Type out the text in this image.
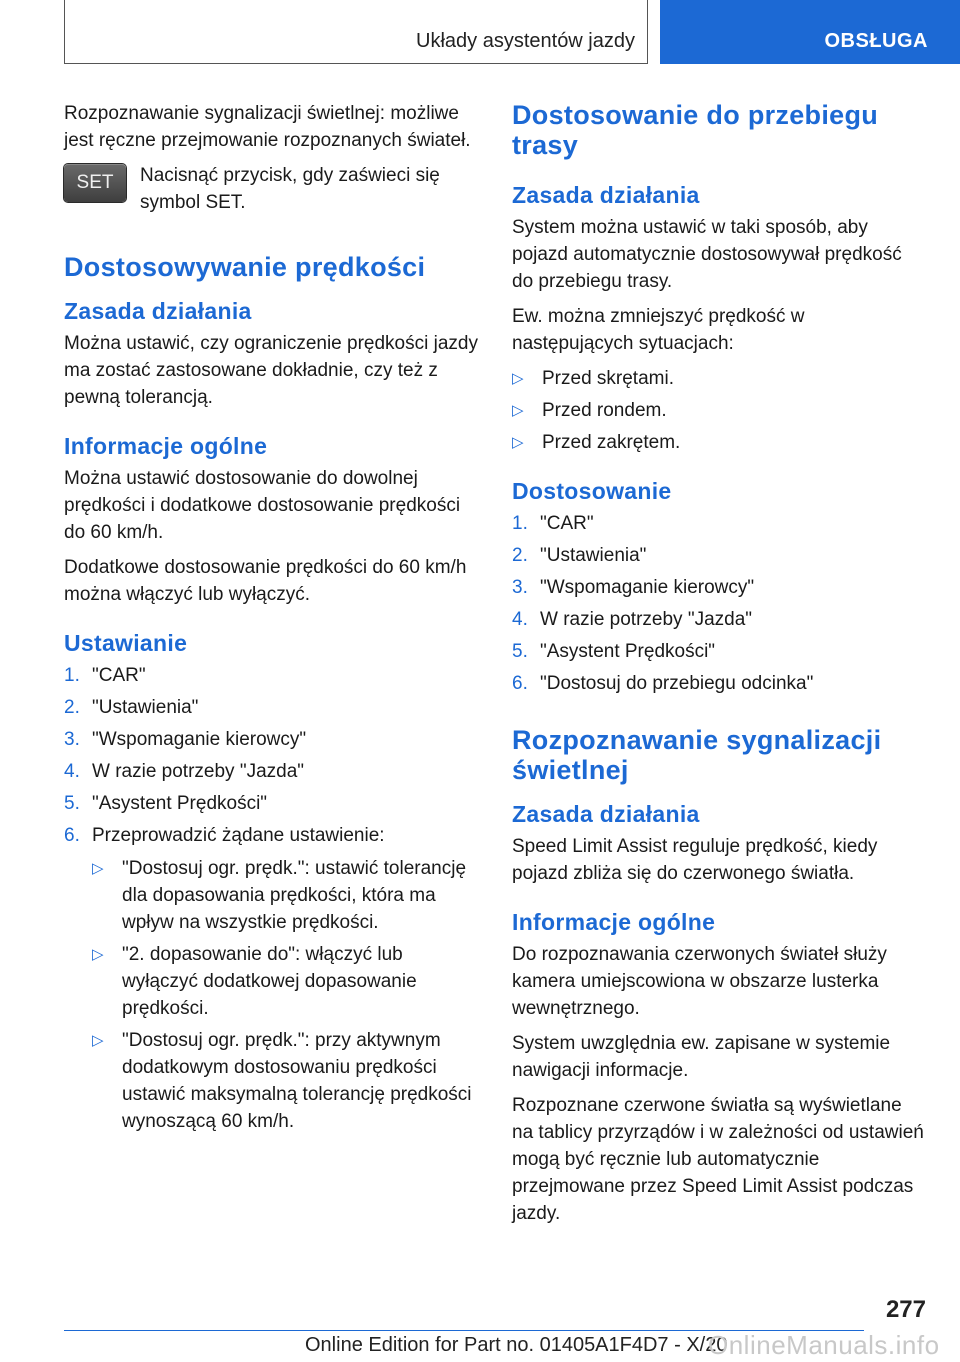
Układy asystentów jazdy	OBSŁUGA

Rozpoznawanie sygnalizacji świetlnej: możliwe jest ręczne przejmowanie rozpoznanych świateł.

SET	Nacisnąć przycisk, gdy zaświeci się symbol SET.

Dostosowywanie prędkości
Zasada działania

Można ustawić, czy ograniczenie prędkości jazdy ma zostać zastosowane dokładnie, czy też z pewną tolerancją.

Informacje ogólne

Można ustawić dostosowanie do dowolnej prędkości i dodatkowe dostosowanie prędkości do 60 km/h.

Dodatkowe dostosowanie prędkości do 60 km/h można włączyć lub wyłączyć.

Ustawianie
1. "CAR"
2. "Ustawienia"
3. "Wspomaganie kierowcy"
4. W razie potrzeby "Jazda"
5. "Asystent Prędkości"
6. Przeprowadzić żądane ustawienie:
▷ "Dostosuj ogr. prędk.": ustawić tolerancję dla dopasowania prędkości, która ma wpływ na wszystkie prędkości.
▷ "2. dopasowanie do": włączyć lub wyłączyć dodatkowej dopasowanie prędkości.
▷ "Dostosuj ogr. prędk.": przy aktywnym dodatkowym dostosowaniu prędkości ustawić maksymalną tolerancję prędkości wynoszącą 60 km/h.
Dostosowanie do przebiegu trasy
Zasada działania

System można ustawić w taki sposób, aby pojazd automatycznie dostosowywał prędkość do przebiegu trasy.

Ew. można zmniejszyć prędkość w następujących sytuacjach:

▷ Przed skrętami.
▷ Przed rondem.
▷ Przed zakrętem.
Dostosowanie
1. "CAR"
2. "Ustawienia"
3. "Wspomaganie kierowcy"
4. W razie potrzeby "Jazda"
5. "Asystent Prędkości"
6. "Dostosuj do przebiegu odcinka"
Rozpoznawanie sygnalizacji świetlnej
Zasada działania

Speed Limit Assist reguluje prędkość, kiedy pojazd zbliża się do czerwonego światła.

Informacje ogólne

Do rozpoznawania czerwonych świateł służy kamera umiejscowiona w obszarze lusterka wewnętrznego.

System uwzględnia ew. zapisane w systemie nawigacji informacje.

Rozpoznane czerwone światła są wyświetlane na tablicy przyrządów i w zależności od ustawień mogą być ręcznie lub automatycznie przejmowane przez Speed Limit Assist podczas jazdy.

277
Online Edition for Part no. 01405A1F4D7 - X/20
OnlineManuals.info
